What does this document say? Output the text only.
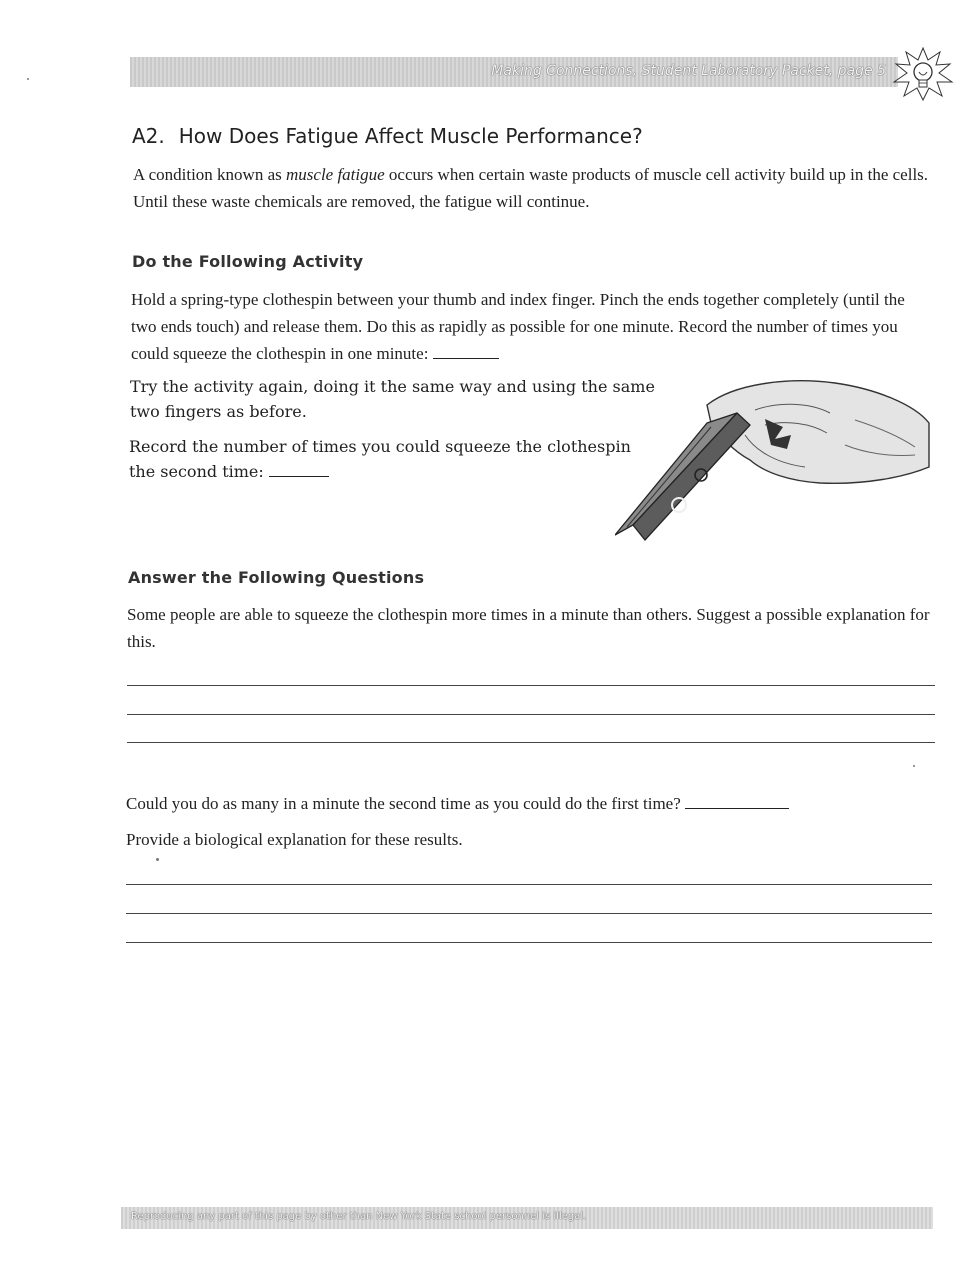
Making Connections, Student Laboratory Packet, page 5
A2. How Does Fatigue Affect Muscle Performance?
A condition known as muscle fatigue occurs when certain waste products of muscle cell activity build up in the cells. Until these waste chemicals are removed, the fatigue will continue.
Do the Following Activity
Hold a spring-type clothespin between your thumb and index finger. Pinch the ends together completely (until the two ends touch) and release them. Do this as rapidly as possible for one minute. Record the number of times you could squeeze the clothespin in one minute:
Try the activity again, doing it the same way and using the same two fingers as before.
Record the number of times you could squeeze the clothespin the second time:
Answer the Following Questions
Some people are able to squeeze the clothespin more times in a minute than others. Suggest a possible explanation for this.
Could you do as many in a minute the second time as you could do the first time?
Provide a biological explanation for these results.
Reproducing any part of this page by other than New York State school personnel is illegal.
